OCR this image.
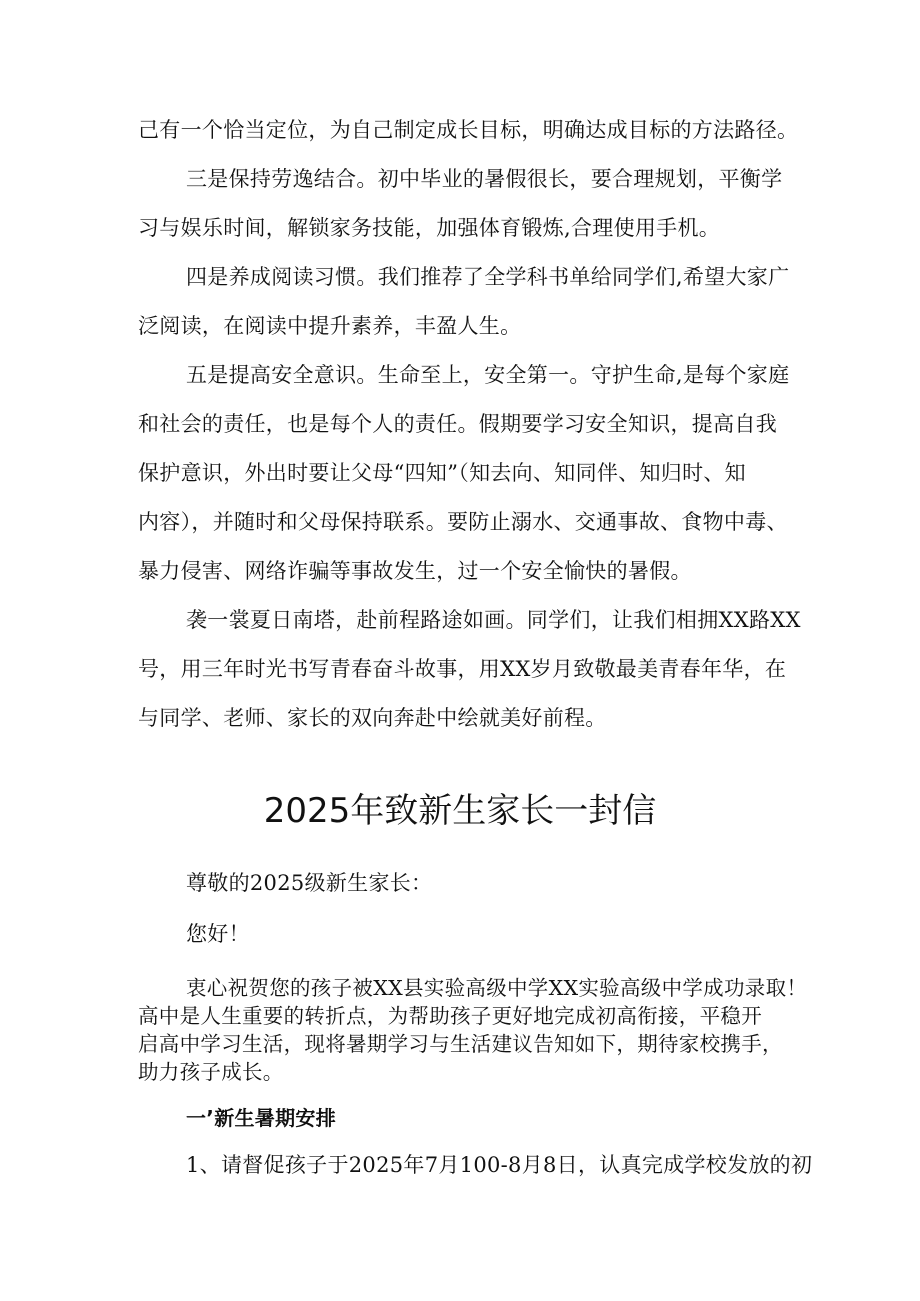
己有一个恰当定位，为自己制定成长目标，明确达成目标的方法路径。
三是保持劳逸结合。初中毕业的暑假很长，要合理规划，平衡学
习与娱乐时间，解锁家务技能，加强体育锻炼,合理使用手机。
四是养成阅读习惯。我们推荐了全学科书单给同学们,希望大家广
泛阅读，在阅读中提升素养，丰盈人生。
五是提高安全意识。生命至上，安全第一。守护生命,是每个家庭
和社会的责任，也是每个人的责任。假期要学习安全知识，提高自我
保护意识，外出时要让父母“四知”（知去向、知同伴、知归时、知
内容），并随时和父母保持联系。要防止溺水、交通事故、食物中毒、
暴力侵害、网络诈骗等事故发生，过一个安全愉快的暑假。
袭一裳夏日南塔，赴前程路途如画。同学们，让我们相拥XX路XX
号，用三年时光书写青春奋斗故事，用XX岁月致敬最美青春年华，在
与同学、老师、家长的双向奔赴中绘就美好前程。
2025年致新生家长一封信
尊敬的2025级新生家长：
您好！
衷心祝贺您的孩子被XX县实验高级中学XX实验高级中学成功录取！
高中是人生重要的转折点，为帮助孩子更好地完成初高衔接，平稳开
启高中学习生活，现将暑期学习与生活建议告知如下，期待家校携手，
助力孩子成长。
一’新生暑期安排
1、请督促孩子于2025年7月100-8月8日，认真完成学校发放的初
